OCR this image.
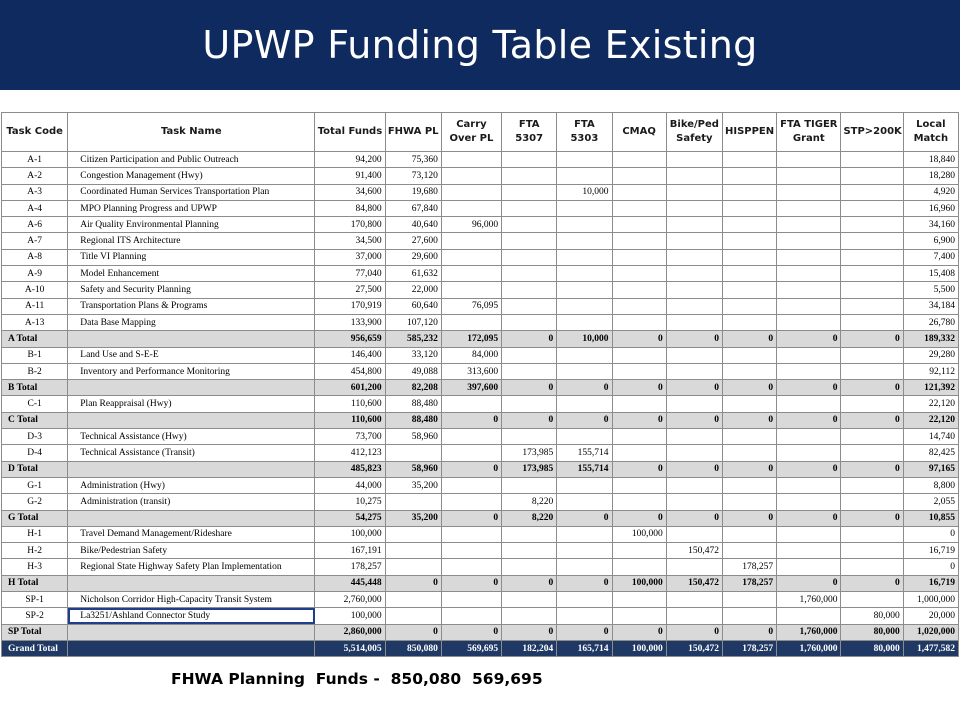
UPWP Funding Table Existing
Task Code	Task Name	Total Funds	FHWA PL	Carry Over PL	FTA 5307	FTA 5303	CMAQ	Bike/Ped Safety	HISPPEN	FTA TIGER Grant	STP>200K	Local Match
A-1	Citizen Participation and Public Outreach	94,200	75,360									18,840
A-2	Congestion Management (Hwy)	91,400	73,120									18,280
A-3	Coordinated Human Services Transportation Plan	34,600	19,680			10,000						4,920
A-4	MPO Planning Progress and UPWP	84,800	67,840									16,960
A-6	Air Quality Environmental Planning	170,800	40,640	96,000								34,160
A-7	Regional ITS Architecture	34,500	27,600									6,900
A-8	Title VI Planning	37,000	29,600									7,400
A-9	Model Enhancement	77,040	61,632									15,408
A-10	Safety and Security Planning	27,500	22,000									5,500
A-11	Transportation Plans & Programs	170,919	60,640	76,095								34,184
A-13	Data Base Mapping	133,900	107,120									26,780
A Total		956,659	585,232	172,095	0	10,000	0	0	0	0	0	189,332
B-1	Land Use and S-E-E	146,400	33,120	84,000								29,280
B-2	Inventory and Performance Monitoring	454,800	49,088	313,600								92,112
B Total		601,200	82,208	397,600	0	0	0	0	0	0	0	121,392
C-1	Plan Reappraisal (Hwy)	110,600	88,480									22,120
C Total		110,600	88,480	0	0	0	0	0	0	0	0	22,120
D-3	Technical Assistance (Hwy)	73,700	58,960									14,740
D-4	Technical Assistance (Transit)	412,123			173,985	155,714						82,425
D Total		485,823	58,960	0	173,985	155,714	0	0	0	0	0	97,165
G-1	Administration (Hwy)	44,000	35,200									8,800
G-2	Administration (transit)	10,275			8,220							2,055
G Total		54,275	35,200	0	8,220	0	0	0	0	0	0	10,855
H-1	Travel Demand Management/Rideshare	100,000					100,000					0
H-2	Bike/Pedestrian Safety	167,191						150,472				16,719
H-3	Regional State Highway Safety Plan Implementation	178,257							178,257			0
H Total		445,448	0	0	0	0	100,000	150,472	178,257	0	0	16,719
SP-1	Nicholson Corridor High-Capacity Transit System	2,760,000								1,760,000		1,000,000
SP-2	La3251/Ashland Connector Study	100,000									80,000	20,000
SP Total		2,860,000	0	0	0	0	0	0	0	1,760,000	80,000	1,020,000
Grand Total		5,514,005	850,080	569,695	182,204	165,714	100,000	150,472	178,257	1,760,000	80,000	1,477,582
FHWA Planning  Funds -  850,080  569,695
